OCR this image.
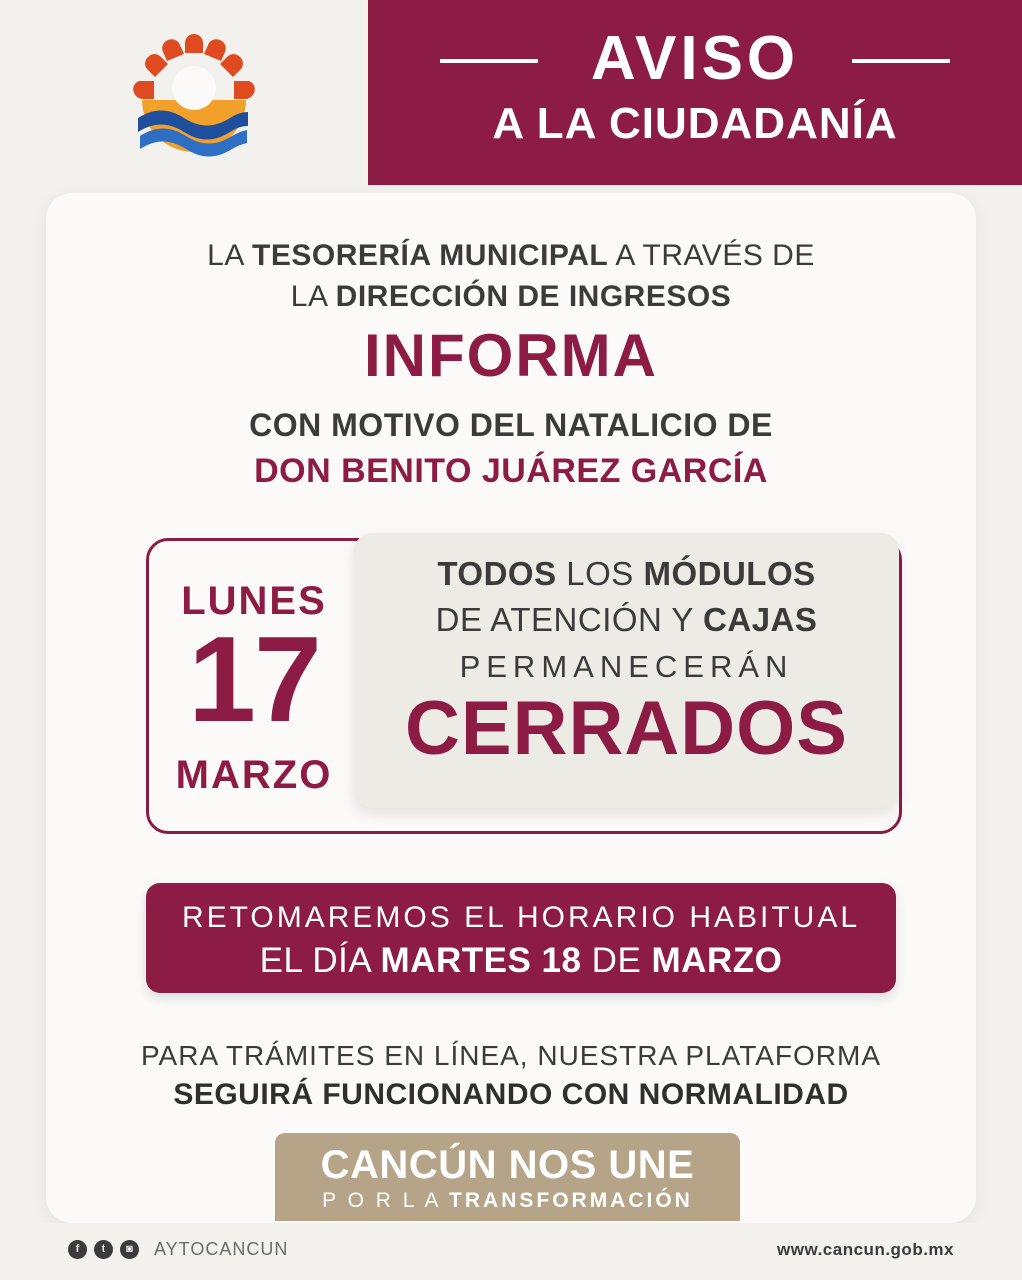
AVISO
A LA CIUDADANÍA
LA TESORERÍA MUNICIPAL A TRAVÉS DE
LA DIRECCIÓN DE INGRESOS
INFORMA
CON MOTIVO DEL NATALICIO DE
DON BENITO JUÁREZ GARCÍA
LUNES
17
MARZO
TODOS LOS MÓDULOS
DE ATENCIÓN Y CAJAS
PERMANECERÁN
CERRADOS
RETOMAREMOS EL HORARIO HABITUAL
EL DÍA MARTES 18 DE MARZO
PARA TRÁMITES EN LÍNEA, NUESTRA PLATAFORMA
SEGUIRÁ FUNCIONANDO CON NORMALIDAD
CANCÚN NOS UNE
P O R L A TRANSFORMACIÓN
f	t	◙	AYTOCANCUN	www.cancun.gob.mx
